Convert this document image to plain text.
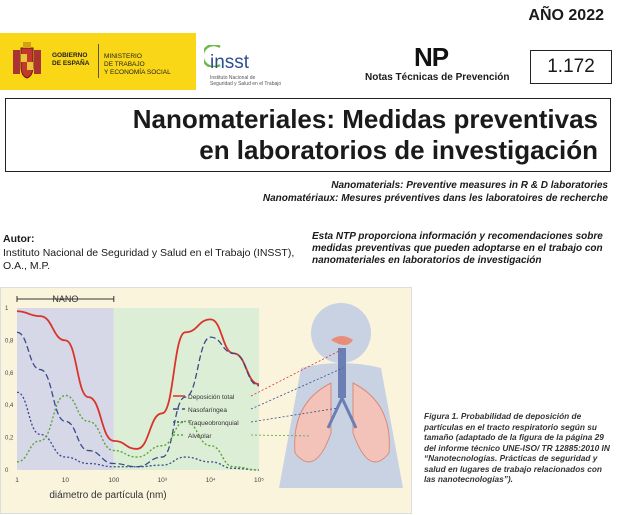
AÑO 2022
GOBIERNO
DE ESPAÑA
MINISTERIO
DE TRABAJO
Y ECONOMÍA SOCIAL insst
Instituto Nacional de
Seguridad y Salud en el Trabajo
NP
Notas Técnicas de Prevención
1.172
Nanomateriales: Medidas preventivas
en laboratorios de investigación
Nanomaterials: Preventive measures in R & D laboratories
Nanomatériaux: Mesures préventives dans les laboratoires de recherche
Autor:
Instituto Nacional de Seguridad y Salud en el Trabajo (INSST), O.A., M.P.
Esta NTP proporciona información y recomendaciones sobre medidas preventivas que pueden adoptarse en el trabajo con nanomateriales en laboratorios de investigación
NANO
1	10	100	10³	10⁴	10⁵
0
0,2
0,4
0,6
0,8
1
diámetro de partícula (nm)
Deposición total
Nasofaríngea
Traqueobronquial
Alveolar
Figura 1. Probabilidad de deposición de partículas en el tracto respiratorio según su tamaño (adaptado de la figura de la página 29 del informe técnico UNE-ISO/ TR 12885:2010 IN “Nanotecnologías. Prácticas de seguridad y salud en lugares de trabajo relacionados con las nanotecnologías”).
